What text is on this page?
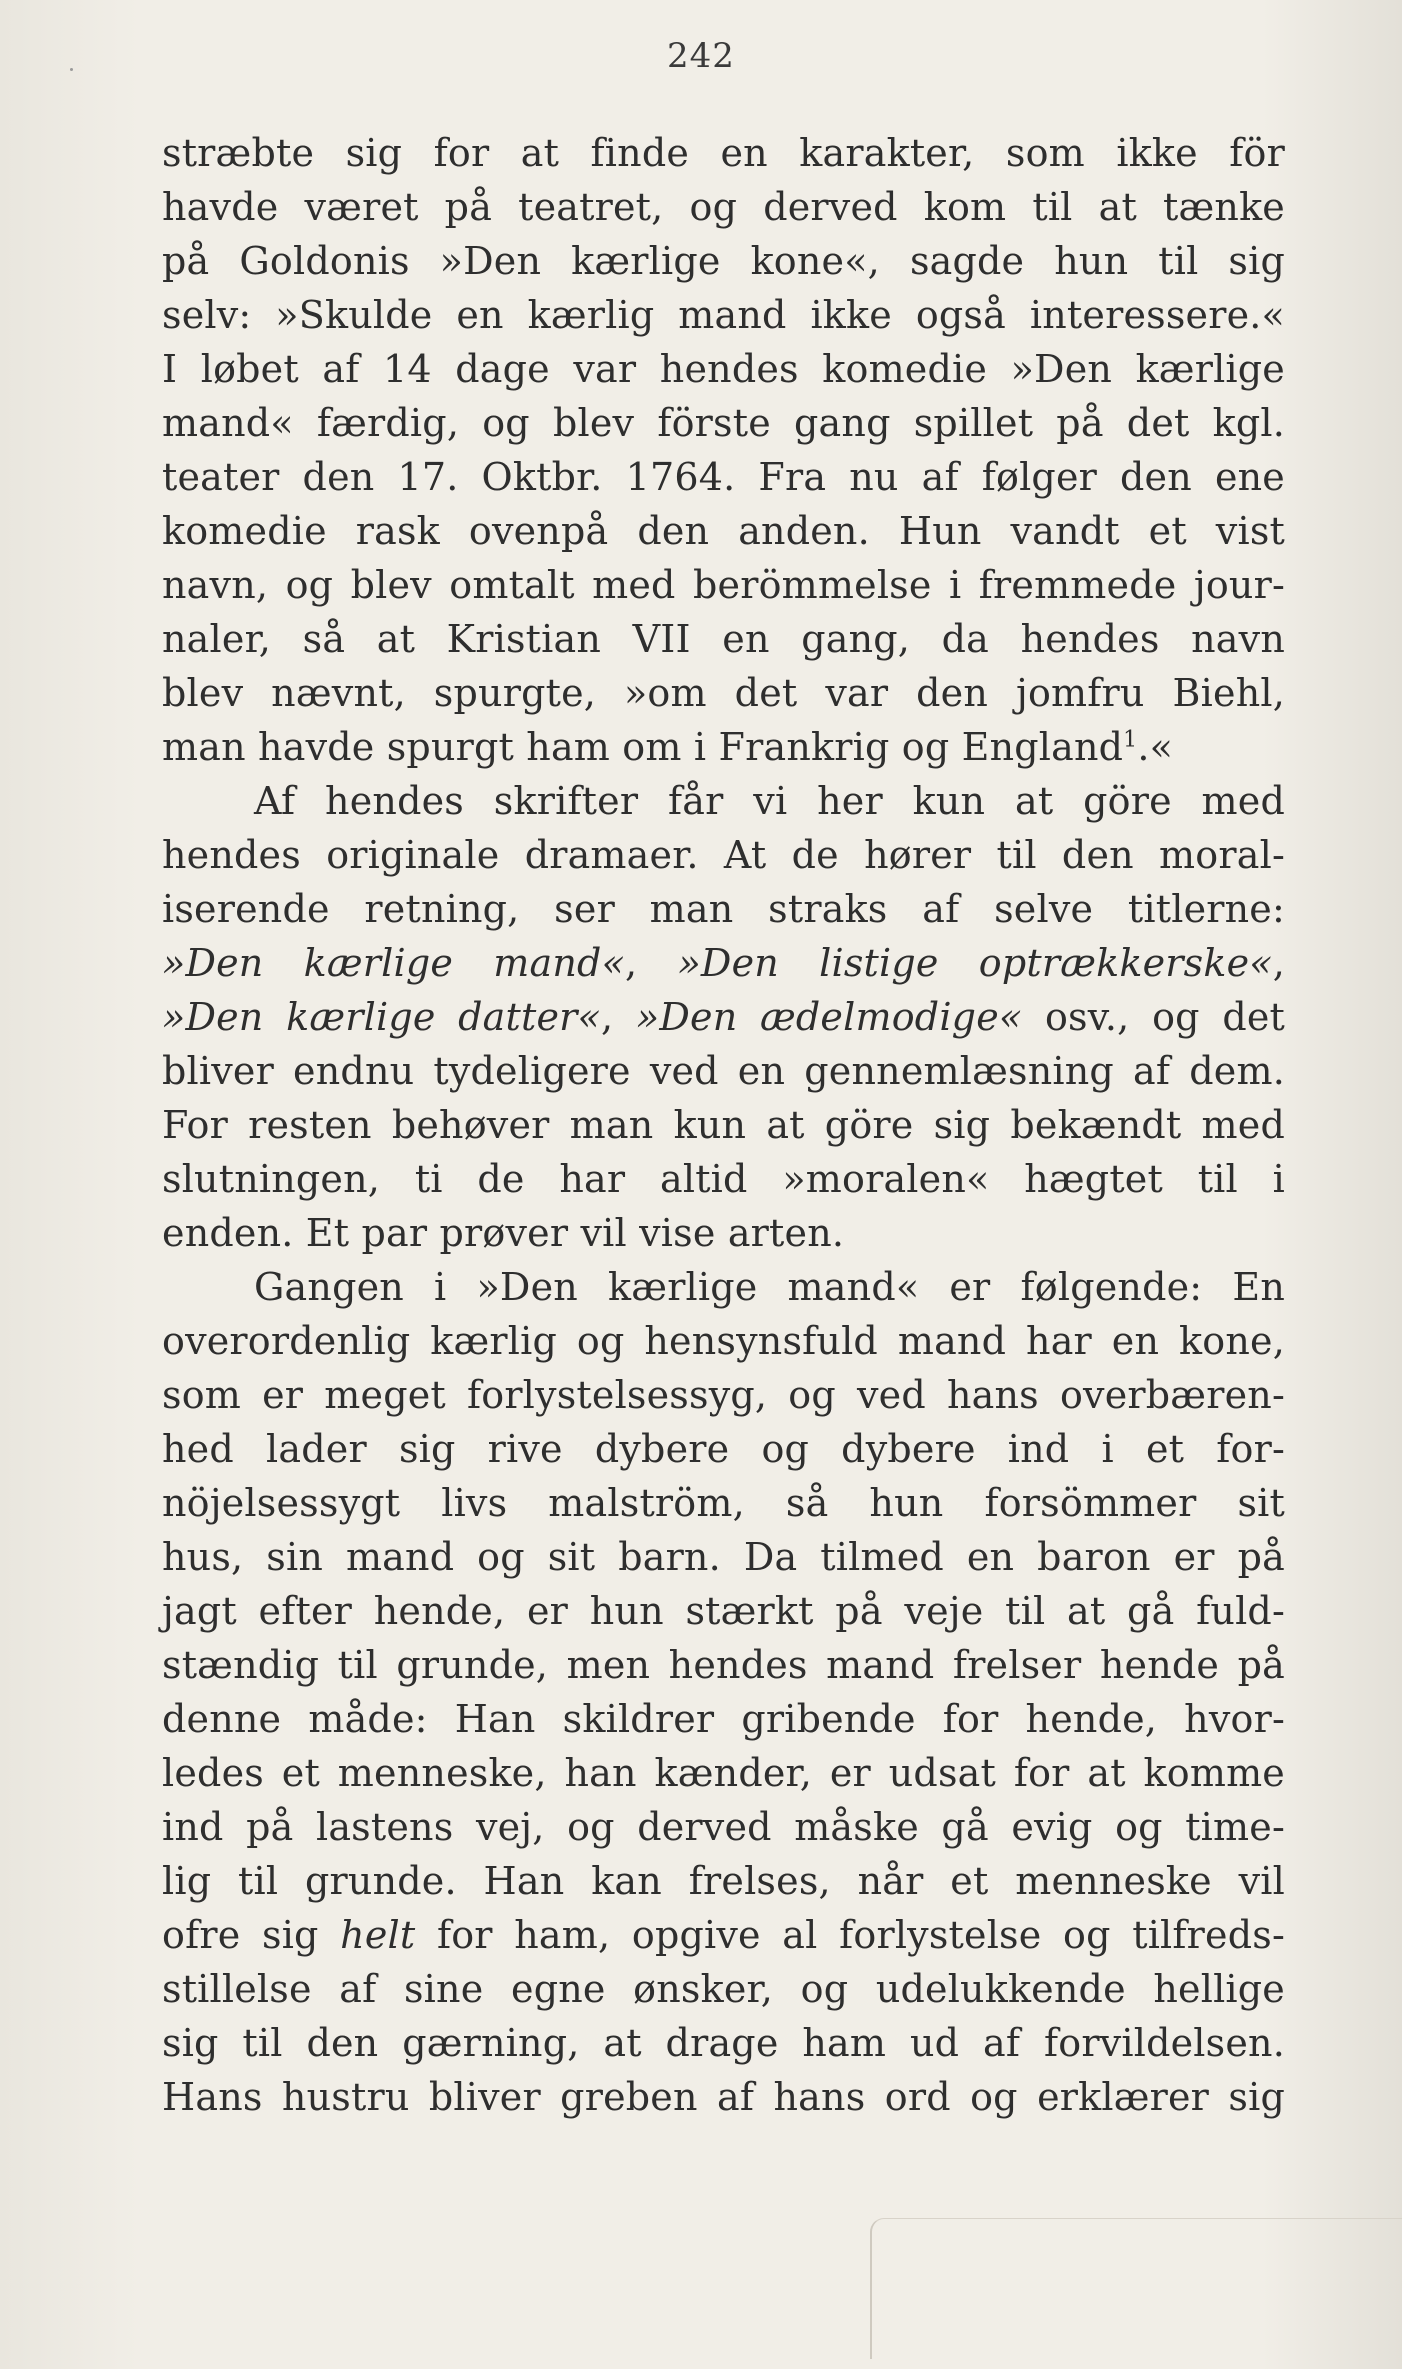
242
stræbte sig for at finde en karakter, som ikke för
havde været på teatret, og derved kom til at tænke
på Goldonis »Den kærlige kone«, sagde hun til sig
selv: »Skulde en kærlig mand ikke også interessere.«
I løbet af 14 dage var hendes komedie »Den kærlige
mand« færdig, og blev förste gang spillet på det kgl.
teater den 17. Oktbr. 1764. Fra nu af følger den ene
komedie rask ovenpå den anden. Hun vandt et vist
navn, og blev omtalt med berömmelse i fremmede jour-
naler, så at Kristian VII en gang, da hendes navn
blev nævnt, spurgte, »om det var den jomfru Biehl,
man havde spurgt ham om i Frankrig og England$^1$.«
Af hendes skrifter får vi her kun at göre med
hendes originale dramaer. At de hører til den moral-
iserende retning, ser man straks af selve titlerne:
»Den kærlige mand«, »Den listige optrækkerske«,
»Den kærlige datter«, »Den ædelmodige« osv., og det
bliver endnu tydeligere ved en gennemlæsning af dem.
For resten behøver man kun at göre sig bekændt med
slutningen, ti de har altid »moralen« hægtet til i
enden. Et par prøver vil vise arten.
Gangen i »Den kærlige mand« er følgende: En
overordenlig kærlig og hensynsfuld mand har en kone,
som er meget forlystelsessyg, og ved hans overbæren-
hed lader sig rive dybere og dybere ind i et for-
nöjelsessygt livs malström, så hun forsömmer sit
hus, sin mand og sit barn. Da tilmed en baron er på
jagt efter hende, er hun stærkt på veje til at gå fuld-
stændig til grunde, men hendes mand frelser hende på
denne måde: Han skildrer gribende for hende, hvor-
ledes et menneske, han kænder, er udsat for at komme
ind på lastens vej, og derved måske gå evig og time-
lig til grunde. Han kan frelses, når et menneske vil
ofre sig helt for ham, opgive al forlystelse og tilfreds-
stillelse af sine egne ønsker, og udelukkende hellige
sig til den gærning, at drage ham ud af forvildelsen.
Hans hustru bliver greben af hans ord og erklærer sig
